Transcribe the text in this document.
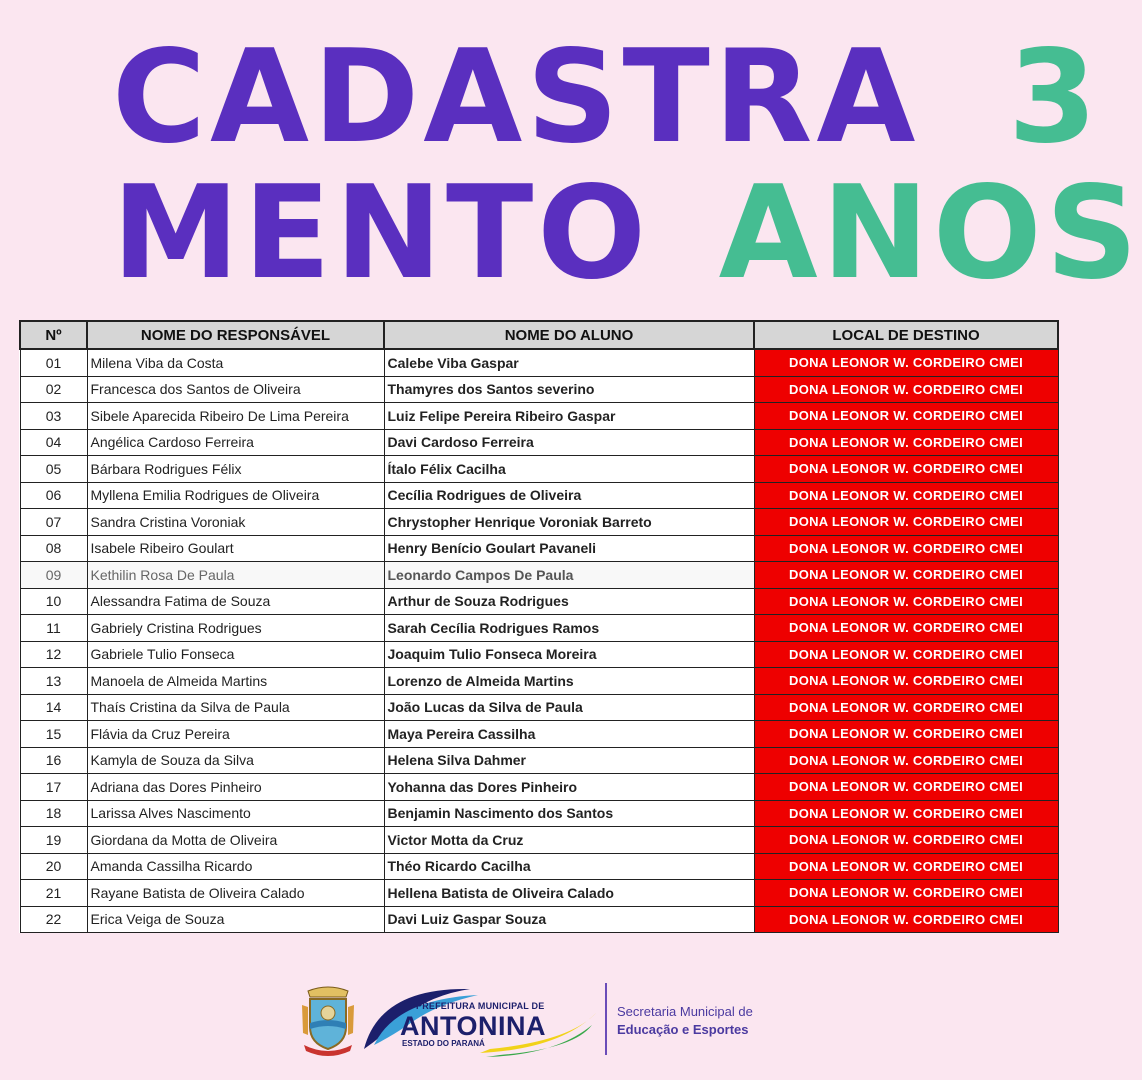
CADASTRA 3
MENTO ANOS
Nº	NOME DO RESPONSÁVEL	NOME DO ALUNO	LOCAL DE DESTINO
01	Milena Viba da Costa	Calebe Viba Gaspar	DONA LEONOR W. CORDEIRO CMEI
02	Francesca dos Santos de Oliveira	Thamyres dos Santos severino	DONA LEONOR W. CORDEIRO CMEI
03	Sibele Aparecida Ribeiro De Lima Pereira	Luiz Felipe Pereira Ribeiro Gaspar	DONA LEONOR W. CORDEIRO CMEI
04	Angélica Cardoso Ferreira	Davi Cardoso Ferreira	DONA LEONOR W. CORDEIRO CMEI
05	Bárbara Rodrigues Félix	Ítalo Félix Cacilha	DONA LEONOR W. CORDEIRO CMEI
06	Myllena Emilia Rodrigues de Oliveira	Cecília Rodrigues de Oliveira	DONA LEONOR W. CORDEIRO CMEI
07	Sandra Cristina Voroniak	Chrystopher Henrique Voroniak Barreto	DONA LEONOR W. CORDEIRO CMEI
08	Isabele Ribeiro Goulart	Henry Benício Goulart Pavaneli	DONA LEONOR W. CORDEIRO CMEI
09	Kethilin Rosa De Paula	Leonardo Campos De Paula	DONA LEONOR W. CORDEIRO CMEI
10	Alessandra Fatima de Souza	Arthur de Souza Rodrigues	DONA LEONOR W. CORDEIRO CMEI
11	Gabriely Cristina Rodrigues	Sarah Cecília Rodrigues Ramos	DONA LEONOR W. CORDEIRO CMEI
12	Gabriele Tulio Fonseca	Joaquim Tulio Fonseca Moreira	DONA LEONOR W. CORDEIRO CMEI
13	Manoela de Almeida Martins	Lorenzo de Almeida Martins	DONA LEONOR W. CORDEIRO CMEI
14	Thaís Cristina da Silva de Paula	João Lucas da Silva de Paula	DONA LEONOR W. CORDEIRO CMEI
15	Flávia da Cruz Pereira	Maya Pereira Cassilha	DONA LEONOR W. CORDEIRO CMEI
16	Kamyla de Souza da Silva	Helena Silva Dahmer	DONA LEONOR W. CORDEIRO CMEI
17	Adriana das Dores Pinheiro	Yohanna das Dores Pinheiro	DONA LEONOR W. CORDEIRO CMEI
18	Larissa Alves Nascimento	Benjamin Nascimento dos Santos	DONA LEONOR W. CORDEIRO CMEI
19	Giordana da Motta de Oliveira	Victor Motta da Cruz	DONA LEONOR W. CORDEIRO CMEI
20	Amanda Cassilha Ricardo	Théo Ricardo Cacilha	DONA LEONOR W. CORDEIRO CMEI
21	Rayane Batista de Oliveira Calado	Hellena Batista de Oliveira Calado	DONA LEONOR W. CORDEIRO CMEI
22	Erica Veiga de Souza	Davi Luiz Gaspar Souza	DONA LEONOR W. CORDEIRO CMEI
PREFEITURA MUNICIPAL DE
ANTONINA
ESTADO DO PARANÁ
Secretaria Municipal de
Educação e Esportes
